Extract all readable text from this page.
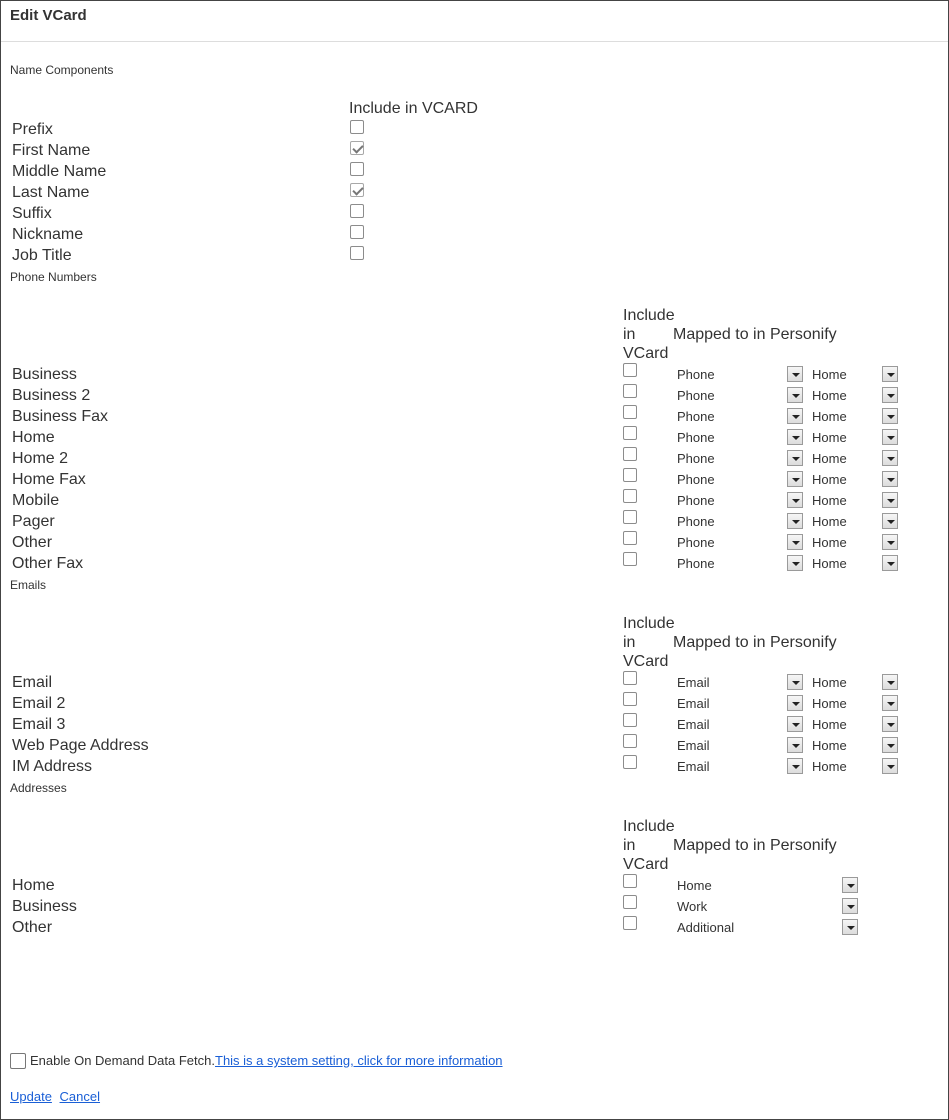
Edit VCard
Name Components
Include in VCARD
Prefix
First Name
Middle Name
Last Name
Suffix
Nickname
Job Title
Phone Numbers
Include in VCard
Mapped to in Personify
Business	Phone	Home
Business 2	Phone	Home
Business Fax	Phone	Home
Home	Phone	Home
Home 2	Phone	Home
Home Fax	Phone	Home
Mobile	Phone	Home
Pager	Phone	Home
Other	Phone	Home
Other Fax	Phone	Home
Emails
Include in VCard
Mapped to in Personify
Email	Email	Home
Email 2	Email	Home
Email 3	Email	Home
Web Page Address	Email	Home
IM Address	Email	Home
Addresses
Include in VCard
Mapped to in Personify
Home	Home
Business	Work
Other	Additional
Enable On Demand Data Fetch.This is a system setting, click for more information
Update Cancel
